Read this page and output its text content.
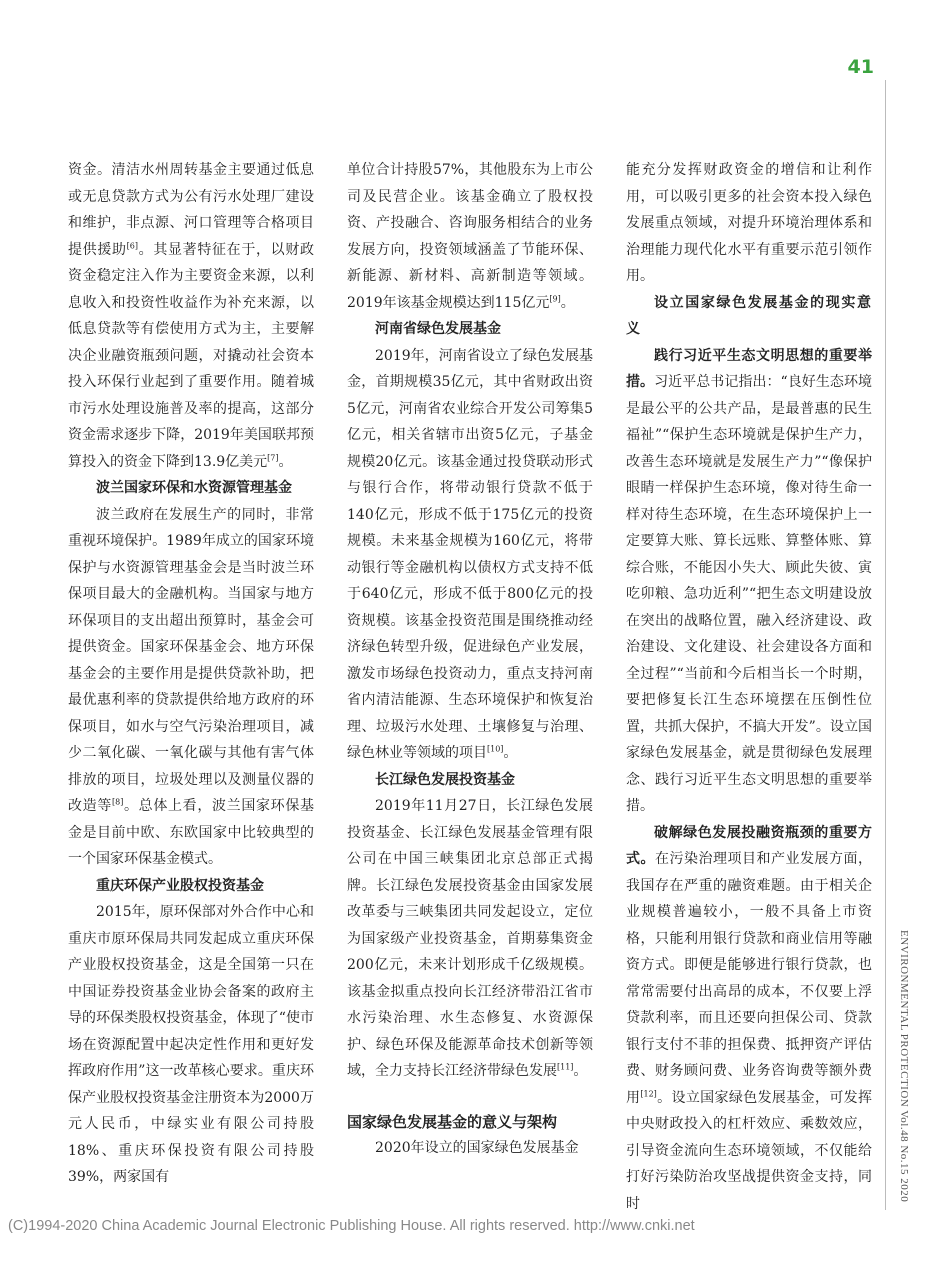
41
ENVIRONMENTAL PROTECTION Vol.48 No.15 2020

资金。清洁水州周转基金主要通过低息或无息贷款方式为公有污水处理厂建设和维护，非点源、河口管理等合格项目提供援助[6]。其显著特征在于，以财政资金稳定注入作为主要资金来源，以利息收入和投资性收益作为补充来源，以低息贷款等有偿使用方式为主，主要解决企业融资瓶颈问题，对撬动社会资本投入环保行业起到了重要作用。随着城市污水处理设施普及率的提高，这部分资金需求逐步下降，2019年美国联邦预算投入的资金下降到13.9亿美元[7]。

波兰国家环保和水资源管理基金

波兰政府在发展生产的同时，非常重视环境保护。1989年成立的国家环境保护与水资源管理基金会是当时波兰环保项目最大的金融机构。当国家与地方环保项目的支出超出预算时，基金会可提供资金。国家环保基金会、地方环保基金会的主要作用是提供贷款补助，把最优惠利率的贷款提供给地方政府的环保项目，如水与空气污染治理项目，减少二氧化碳、一氧化碳与其他有害气体排放的项目，垃圾处理以及测量仪器的改造等[8]。总体上看，波兰国家环保基金是目前中欧、东欧国家中比较典型的一个国家环保基金模式。

重庆环保产业股权投资基金

2015年，原环保部对外合作中心和重庆市原环保局共同发起成立重庆环保产业股权投资基金，这是全国第一只在中国证券投资基金业协会备案的政府主导的环保类股权投资基金，体现了“使市场在资源配置中起决定性作用和更好发挥政府作用”这一改革核心要求。重庆环保产业股权投资基金注册资本为2000万元人民币，中绿实业有限公司持股18%、重庆环保投资有限公司持股39%，两家国有

单位合计持股57%，其他股东为上市公司及民营企业。该基金确立了股权投资、产投融合、咨询服务相结合的业务发展方向，投资领域涵盖了节能环保、新能源、新材料、高新制造等领域。2019年该基金规模达到115亿元[9]。

河南省绿色发展基金

2019年，河南省设立了绿色发展基金，首期规模35亿元，其中省财政出资5亿元，河南省农业综合开发公司筹集5亿元，相关省辖市出资5亿元，子基金规模20亿元。该基金通过投贷联动形式与银行合作，将带动银行贷款不低于140亿元，形成不低于175亿元的投资规模。未来基金规模为160亿元，将带动银行等金融机构以债权方式支持不低于640亿元，形成不低于800亿元的投资规模。该基金投资范围是围绕推动经济绿色转型升级，促进绿色产业发展，激发市场绿色投资动力，重点支持河南省内清洁能源、生态环境保护和恢复治理、垃圾污水处理、土壤修复与治理、绿色林业等领域的项目[10]。

长江绿色发展投资基金

2019年11月27日，长江绿色发展投资基金、长江绿色发展基金管理有限公司在中国三峡集团北京总部正式揭牌。长江绿色发展投资基金由国家发展改革委与三峡集团共同发起设立，定位为国家级产业投资基金，首期募集资金200亿元，未来计划形成千亿级规模。该基金拟重点投向长江经济带沿江省市水污染治理、水生态修复、水资源保护、绿色环保及能源革命技术创新等领域，全力支持长江经济带绿色发展[11]。

国家绿色发展基金的意义与架构

2020年设立的国家绿色发展基金

能充分发挥财政资金的增信和让利作用，可以吸引更多的社会资本投入绿色发展重点领域，对提升环境治理体系和治理能力现代化水平有重要示范引领作用。

设立国家绿色发展基金的现实意义

践行习近平生态文明思想的重要举措。习近平总书记指出：“良好生态环境是最公平的公共产品，是最普惠的民生福祉”“保护生态环境就是保护生产力，改善生态环境就是发展生产力”“像保护眼睛一样保护生态环境，像对待生命一样对待生态环境，在生态环境保护上一定要算大账、算长远账、算整体账、算综合账，不能因小失大、顾此失彼、寅吃卯粮、急功近利”“把生态文明建设放在突出的战略位置，融入经济建设、政治建设、文化建设、社会建设各方面和全过程”“当前和今后相当长一个时期，要把修复长江生态环境摆在压倒性位置，共抓大保护，不搞大开发”。设立国家绿色发展基金，就是贯彻绿色发展理念、践行习近平生态文明思想的重要举措。

破解绿色发展投融资瓶颈的重要方式。在污染治理项目和产业发展方面，我国存在严重的融资难题。由于相关企业规模普遍较小，一般不具备上市资格，只能利用银行贷款和商业信用等融资方式。即便是能够进行银行贷款，也常常需要付出高昂的成本，不仅要上浮贷款利率，而且还要向担保公司、贷款银行支付不菲的担保费、抵押资产评估费、财务顾问费、业务咨询费等额外费用[12]。设立国家绿色发展基金，可发挥中央财政投入的杠杆效应、乘数效应，引导资金流向生态环境领域，不仅能给打好污染防治攻坚战提供资金支持，同时

(C)1994-2020 China Academic Journal Electronic Publishing House. All rights reserved. http://www.cnki.net
